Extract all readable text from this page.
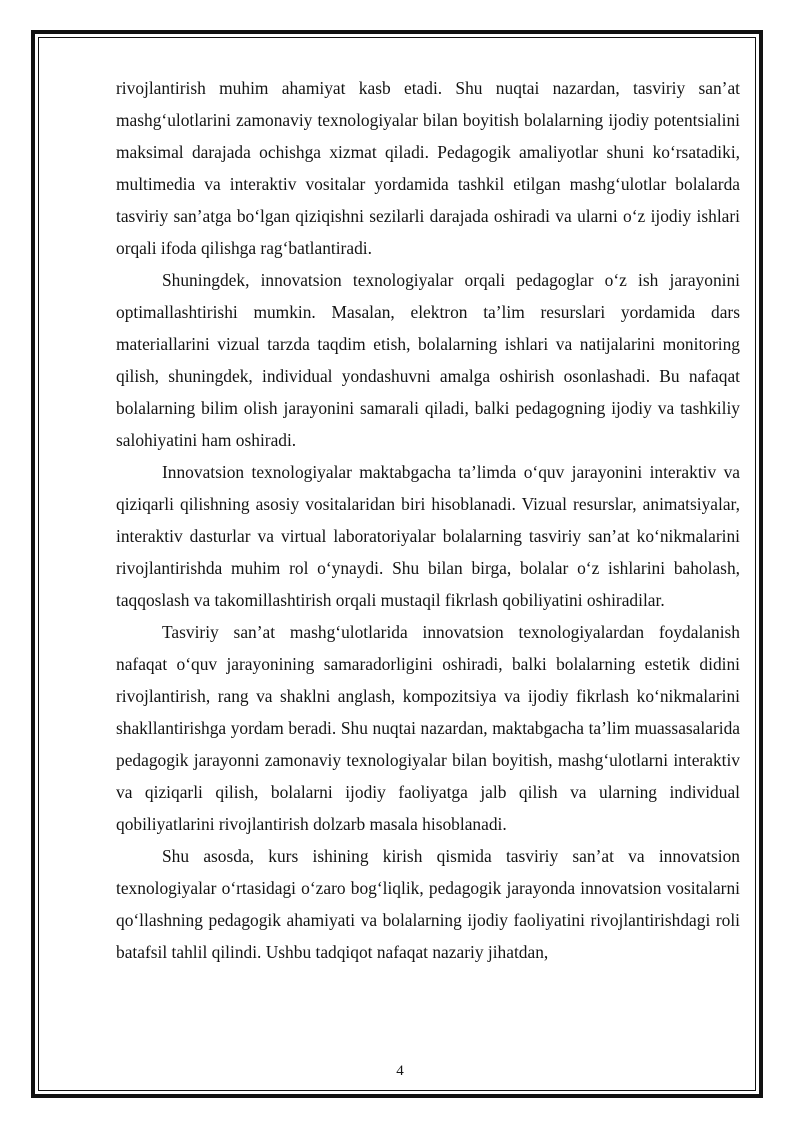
rivojlantirish muhim ahamiyat kasb etadi. Shu nuqtai nazardan, tasviriy san’at mashg‘ulotlarini zamonaviy texnologiyalar bilan boyitish bolalarning ijodiy potentsialini maksimal darajada ochishga xizmat qiladi. Pedagogik amaliyotlar shuni ko‘rsatadiki, multimedia va interaktiv vositalar yordamida tashkil etilgan mashg‘ulotlar bolalarda tasviriy san’atga bo‘lgan qiziqishni sezilarli darajada oshiradi va ularni o‘z ijodiy ishlari orqali ifoda qilishga rag‘batlantiradi.

Shuningdek, innovatsion texnologiyalar orqali pedagoglar o‘z ish jarayonini optimallashtirishi mumkin. Masalan, elektron ta’lim resurslari yordamida dars materiallarini vizual tarzda taqdim etish, bolalarning ishlari va natijalarini monitoring qilish, shuningdek, individual yondashuvni amalga oshirish osonlashadi. Bu nafaqat bolalarning bilim olish jarayonini samarali qiladi, balki pedagogning ijodiy va tashkiliy salohiyatini ham oshiradi.

Innovatsion texnologiyalar maktabgacha ta’limda o‘quv jarayonini interaktiv va qiziqarli qilishning asosiy vositalaridan biri hisoblanadi. Vizual resurslar, animatsiyalar, interaktiv dasturlar va virtual laboratoriyalar bolalarning tasviriy san’at ko‘nikmalarini rivojlantirishda muhim rol o‘ynaydi. Shu bilan birga, bolalar o‘z ishlarini baholash, taqqoslash va takomillashtirish orqali mustaqil fikrlash qobiliyatini oshiradilar.

Tasviriy san’at mashg‘ulotlarida innovatsion texnologiyalardan foydalanish nafaqat o‘quv jarayonining samaradorligini oshiradi, balki bolalarning estetik didini rivojlantirish, rang va shaklni anglash, kompozitsiya va ijodiy fikrlash ko‘nikmalarini shakllantirishga yordam beradi. Shu nuqtai nazardan, maktabgacha ta’lim muassasalarida pedagogik jarayonni zamonaviy texnologiyalar bilan boyitish, mashg‘ulotlarni interaktiv va qiziqarli qilish, bolalarni ijodiy faoliyatga jalb qilish va ularning individual qobiliyatlarini rivojlantirish dolzarb masala hisoblanadi.

Shu asosda, kurs ishining kirish qismida tasviriy san’at va innovatsion texnologiyalar o‘rtasidagi o‘zaro bog‘liqlik, pedagogik jarayonda innovatsion vositalarni qo‘llashning pedagogik ahamiyati va bolalarning ijodiy faoliyatini rivojlantirishdagi roli batafsil tahlil qilindi. Ushbu tadqiqot nafaqat nazariy jihatdan,

4
